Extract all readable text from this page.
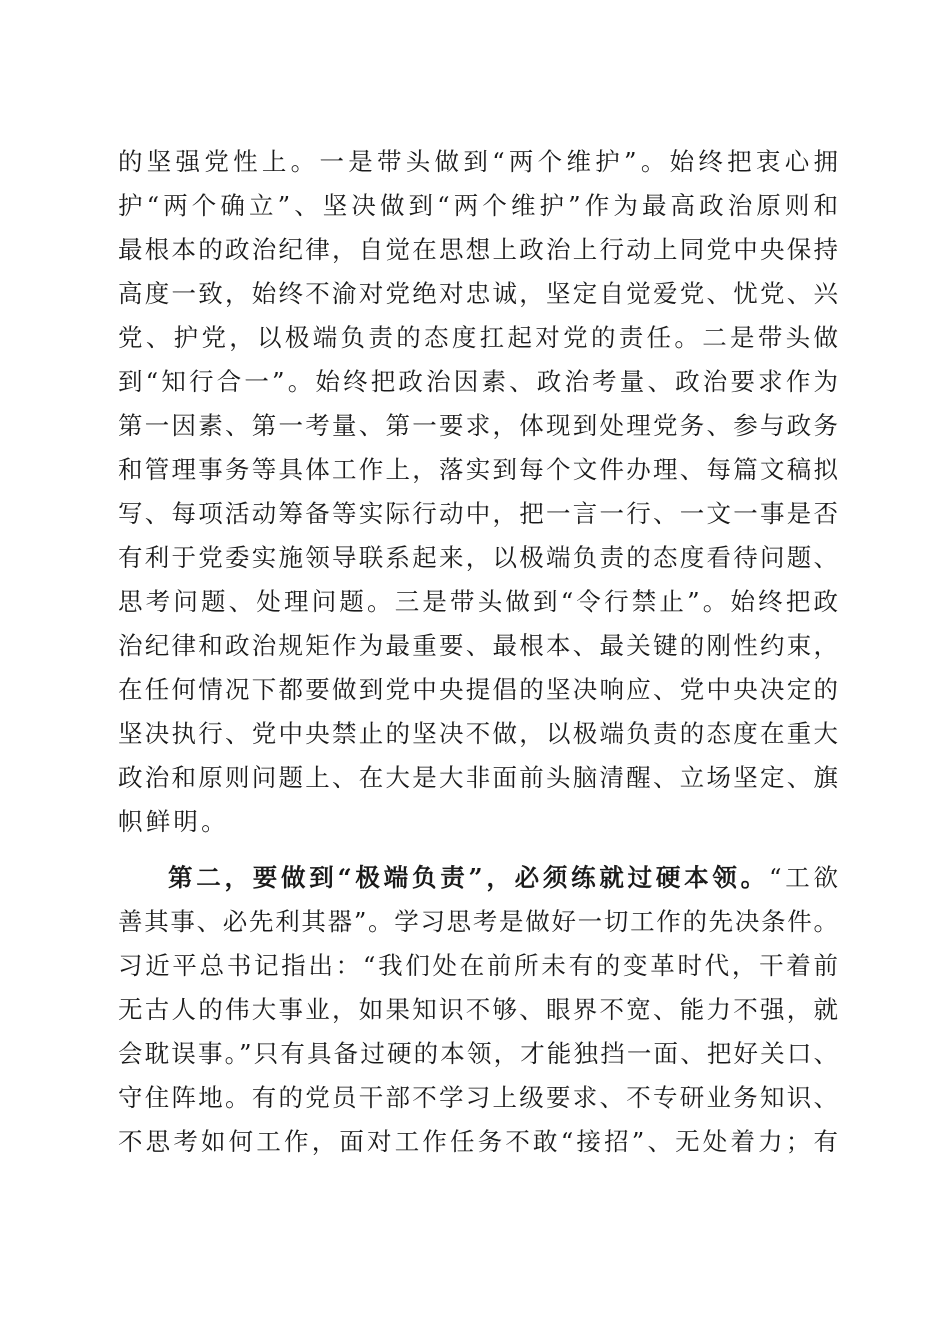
的坚强党性上。一是带头做到“两个维护”。始终把衷心拥
护“两个确立”、坚决做到“两个维护”作为最高政治原则和
最根本的政治纪律，自觉在思想上政治上行动上同党中央保持
高度一致，始终不渝对党绝对忠诚，坚定自觉爱党、忧党、兴
党、护党，以极端负责的态度扛起对党的责任。二是带头做
到“知行合一”。始终把政治因素、政治考量、政治要求作为
第一因素、第一考量、第一要求，体现到处理党务、参与政务
和管理事务等具体工作上，落实到每个文件办理、每篇文稿拟
写、每项活动筹备等实际行动中，把一言一行、一文一事是否
有利于党委实施领导联系起来，以极端负责的态度看待问题、
思考问题、处理问题。三是带头做到“令行禁止”。始终把政
治纪律和政治规矩作为最重要、最根本、最关键的刚性约束，
在任何情况下都要做到党中央提倡的坚决响应、党中央决定的
坚决执行、党中央禁止的坚决不做，以极端负责的态度在重大
政治和原则问题上、在大是大非面前头脑清醒、立场坚定、旗
帜鲜明。
第二，要做到“极端负责”，必须练就过硬本领。“工欲
善其事、必先利其器”。学习思考是做好一切工作的先决条件。
习近平总书记指出：“我们处在前所未有的变革时代，干着前
无古人的伟大事业，如果知识不够、眼界不宽、能力不强，就
会耽误事。”只有具备过硬的本领，才能独挡一面、把好关口、
守住阵地。有的党员干部不学习上级要求、不专研业务知识、
不思考如何工作，面对工作任务不敢“接招”、无处着力；有
